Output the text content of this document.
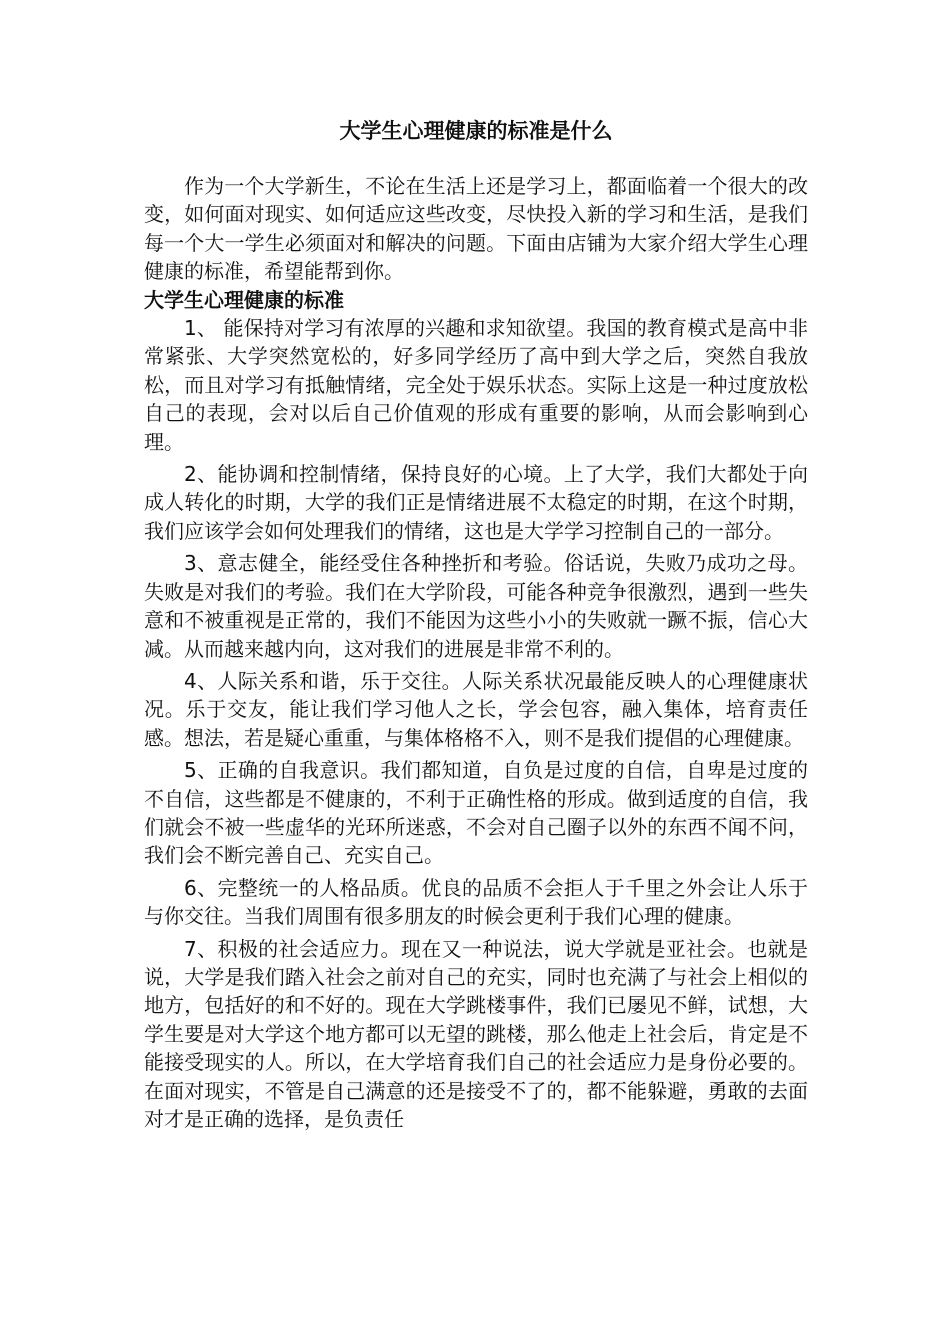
大学生心理健康的标准是什么

作为一个大学新生，不论在生活上还是学习上，都面临着一个很大的改变，如何面对现实、如何适应这些改变，尽快投入新的学习和生活，是我们每一个大一学生必须面对和解决的问题。下面由店铺为大家介绍大学生心理健康的标准，希望能帮到你。

大学生心理健康的标准

1、 能保持对学习有浓厚的兴趣和求知欲望。我国的教育模式是高中非常紧张、大学突然宽松的，好多同学经历了高中到大学之后，突然自我放松，而且对学习有抵触情绪，完全处于娱乐状态。实际上这是一种过度放松自己的表现，会对以后自己价值观的形成有重要的影响，从而会影响到心理。

2、能协调和控制情绪，保持良好的心境。上了大学，我们大都处于向成人转化的时期，大学的我们正是情绪进展不太稳定的时期，在这个时期，我们应该学会如何处理我们的情绪，这也是大学学习控制自己的一部分。

3、意志健全，能经受住各种挫折和考验。俗话说，失败乃成功之母。失败是对我们的考验。我们在大学阶段，可能各种竞争很激烈，遇到一些失意和不被重视是正常的，我们不能因为这些小小的失败就一蹶不振，信心大减。从而越来越内向，这对我们的进展是非常不利的。

4、人际关系和谐，乐于交往。人际关系状况最能反映人的心理健康状况。乐于交友，能让我们学习他人之长，学会包容，融入集体，培育责任感。想法，若是疑心重重，与集体格格不入，则不是我们提倡的心理健康。

5、正确的自我意识。我们都知道，自负是过度的自信，自卑是过度的不自信，这些都是不健康的，不利于正确性格的形成。做到适度的自信，我们就会不被一些虚华的光环所迷惑，不会对自己圈子以外的东西不闻不问，我们会不断完善自己、充实自己。

6、完整统一的人格品质。优良的品质不会拒人于千里之外会让人乐于与你交往。当我们周围有很多朋友的时候会更利于我们心理的健康。

7、积极的社会适应力。现在又一种说法，说大学就是亚社会。也就是说，大学是我们踏入社会之前对自己的充实，同时也充满了与社会上相似的地方，包括好的和不好的。现在大学跳楼事件，我们已屡见不鲜，试想，大学生要是对大学这个地方都可以无望的跳楼，那么他走上社会后，肯定是不能接受现实的人。所以，在大学培育我们自己的社会适应力是身份必要的。在面对现实，不管是自己满意的还是接受不了的，都不能躲避，勇敢的去面对才是正确的选择，是负责任
